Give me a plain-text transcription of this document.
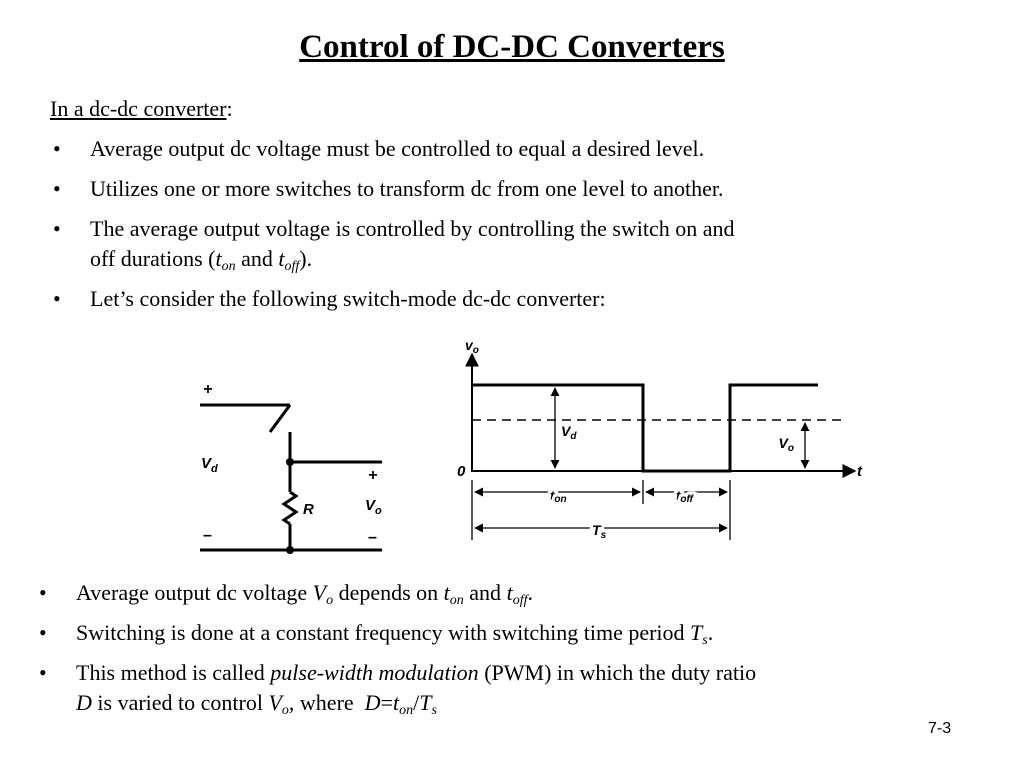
Control of DC-DC Converters
In a dc-dc converter:
• Average output dc voltage must be controlled to equal a desired level.
• Utilizes one or more switches to transform dc from one level to another.
• The average output voltage is controlled by controlling the switch on and
off durations ($t_{on}$ and $t_{off}$).
• Let’s consider the following switch-mode dc-dc converter:
+
$V_d$
–
+
$V_o$
–
R
$v_o$
0	t
$V_d$	$V_o$
ton	toff
$T_s$
• Average output dc voltage $V_o$ depends on $t_{on}$ and $t_{off}$.
• Switching is done at a constant frequency with switching time period $T_s$.
• This method is called pulse-width modulation (PWM) in which the duty ratio
D is varied to control $V_o$, where  $D=t_{on}/T_s$
7-3
